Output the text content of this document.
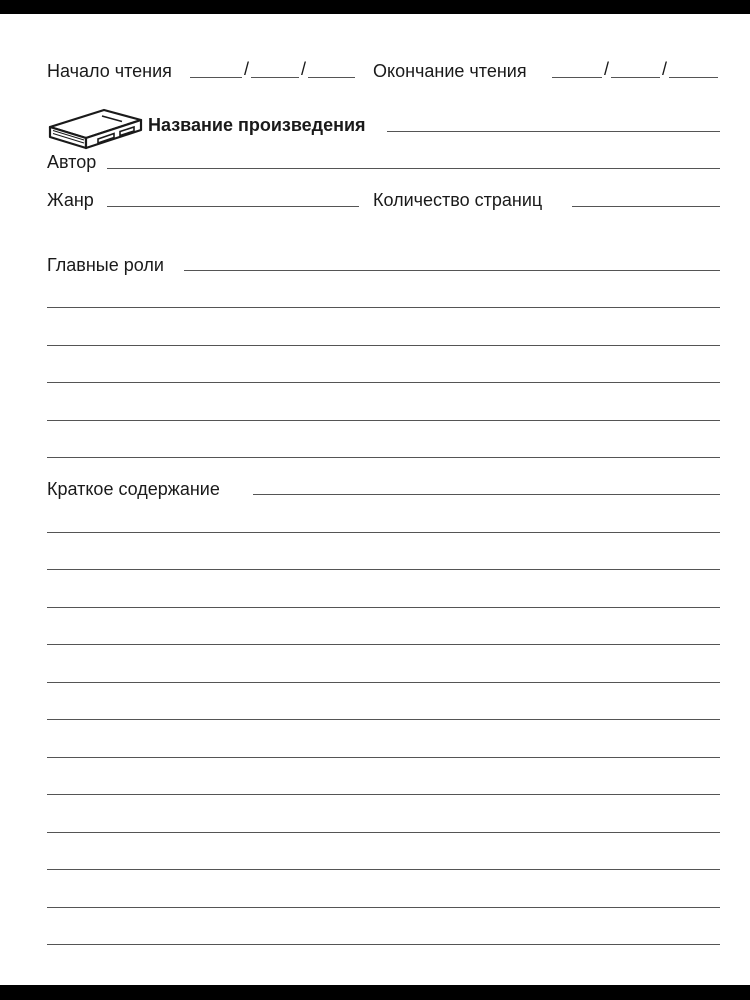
Начало чтения	/	/	Окончание чтения	/	/
Название произведения
Автор
Жанр	Количество страниц
Главные роли
Краткое содержание
